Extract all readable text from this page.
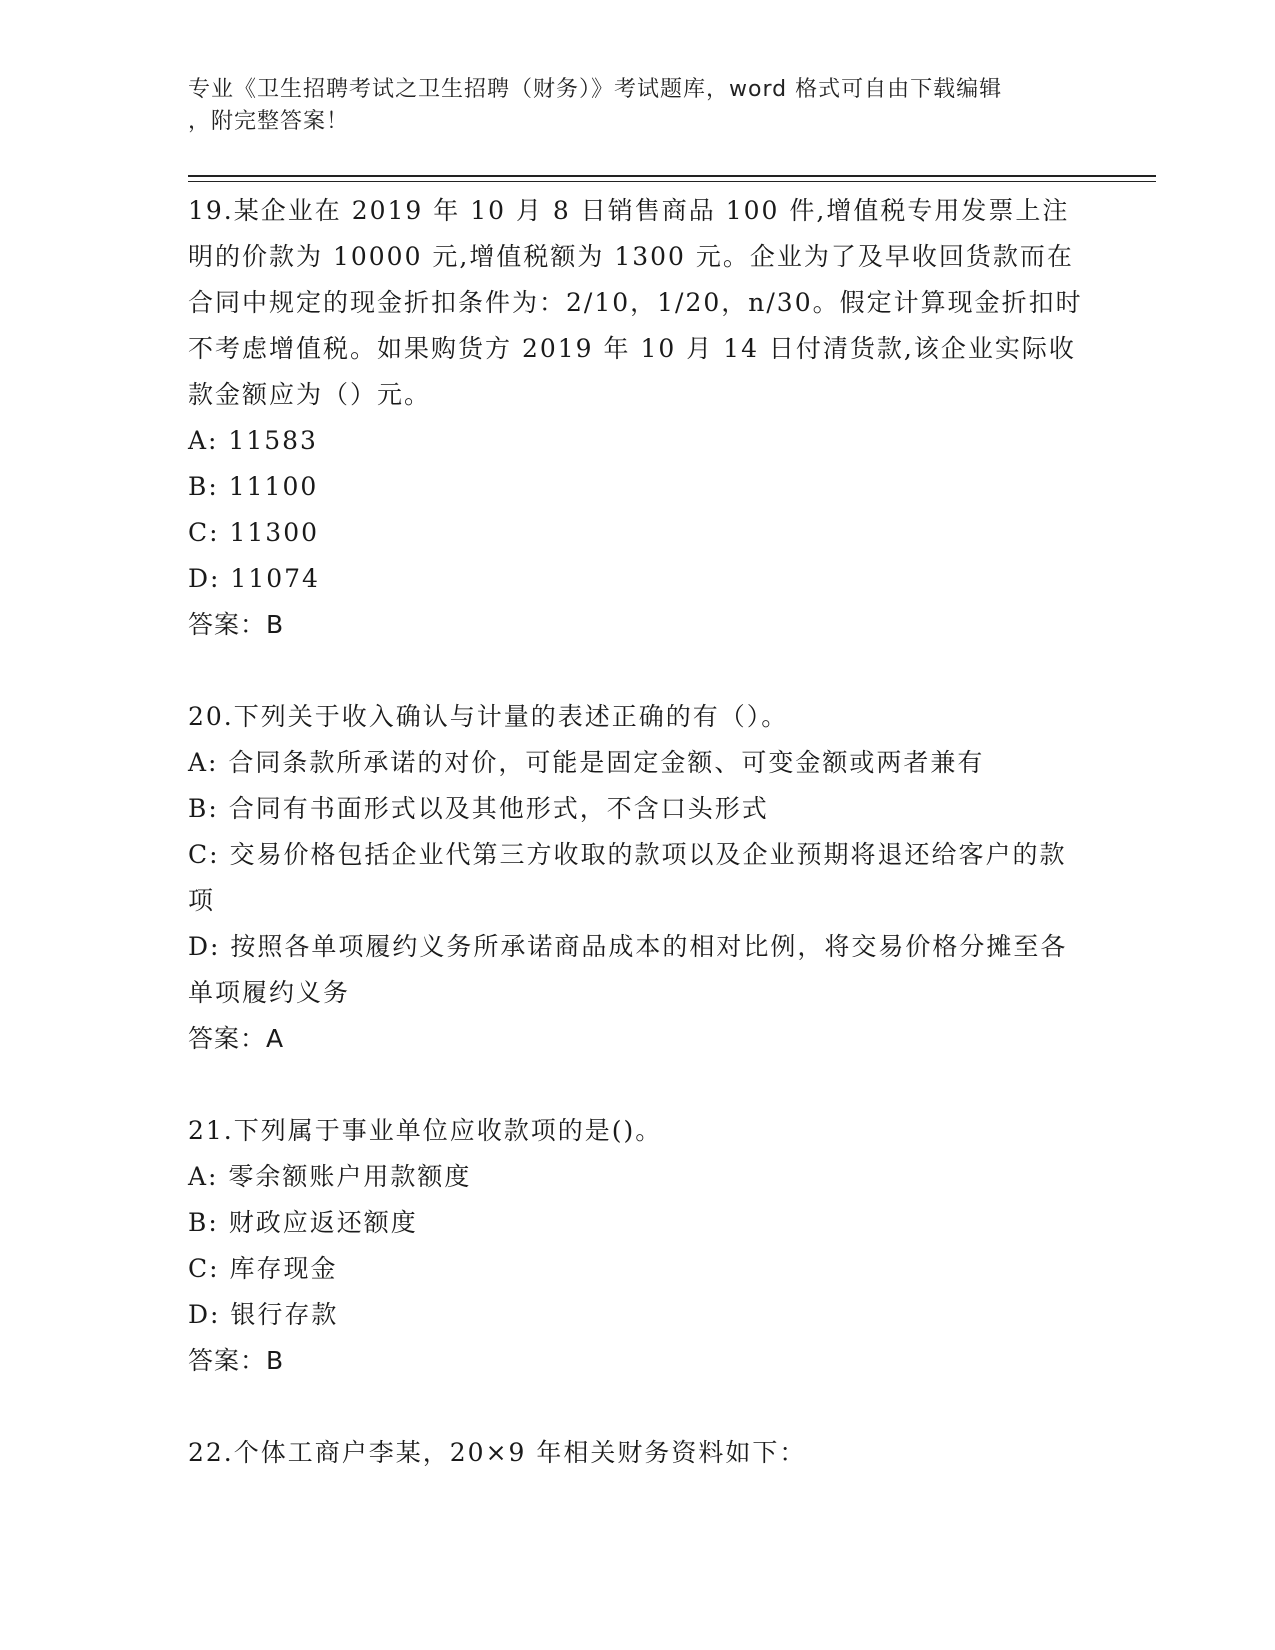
专业《卫生招聘考试之卫生招聘（财务）》考试题库，word 格式可自由下载编辑
，附完整答案！

19.某企业在 2019 年 10 月 8 日销售商品 100 件,增值税专用发票上注明的价款为 10000 元,增值税额为 1300 元。企业为了及早收回货款而在合同中规定的现金折扣条件为：2/10，1/20，n/30。假定计算现金折扣时不考虑增值税。如果购货方 2019 年 10 月 14 日付清货款,该企业实际收款金额应为（）元。

A: 11583

B: 11100

C: 11300

D: 11074

答案：B

20.下列关于收入确认与计量的表述正确的有（）。

A: 合同条款所承诺的对价，可能是固定金额、可变金额或两者兼有

B: 合同有书面形式以及其他形式，不含口头形式

C: 交易价格包括企业代第三方收取的款项以及企业预期将退还给客户的款项

D: 按照各单项履约义务所承诺商品成本的相对比例，将交易价格分摊至各单项履约义务

答案：A

21.下列属于事业单位应收款项的是()。

A: 零余额账户用款额度

B: 财政应返还额度

C: 库存现金

D: 银行存款

答案：B

22.个体工商户李某，20×9 年相关财务资料如下：
